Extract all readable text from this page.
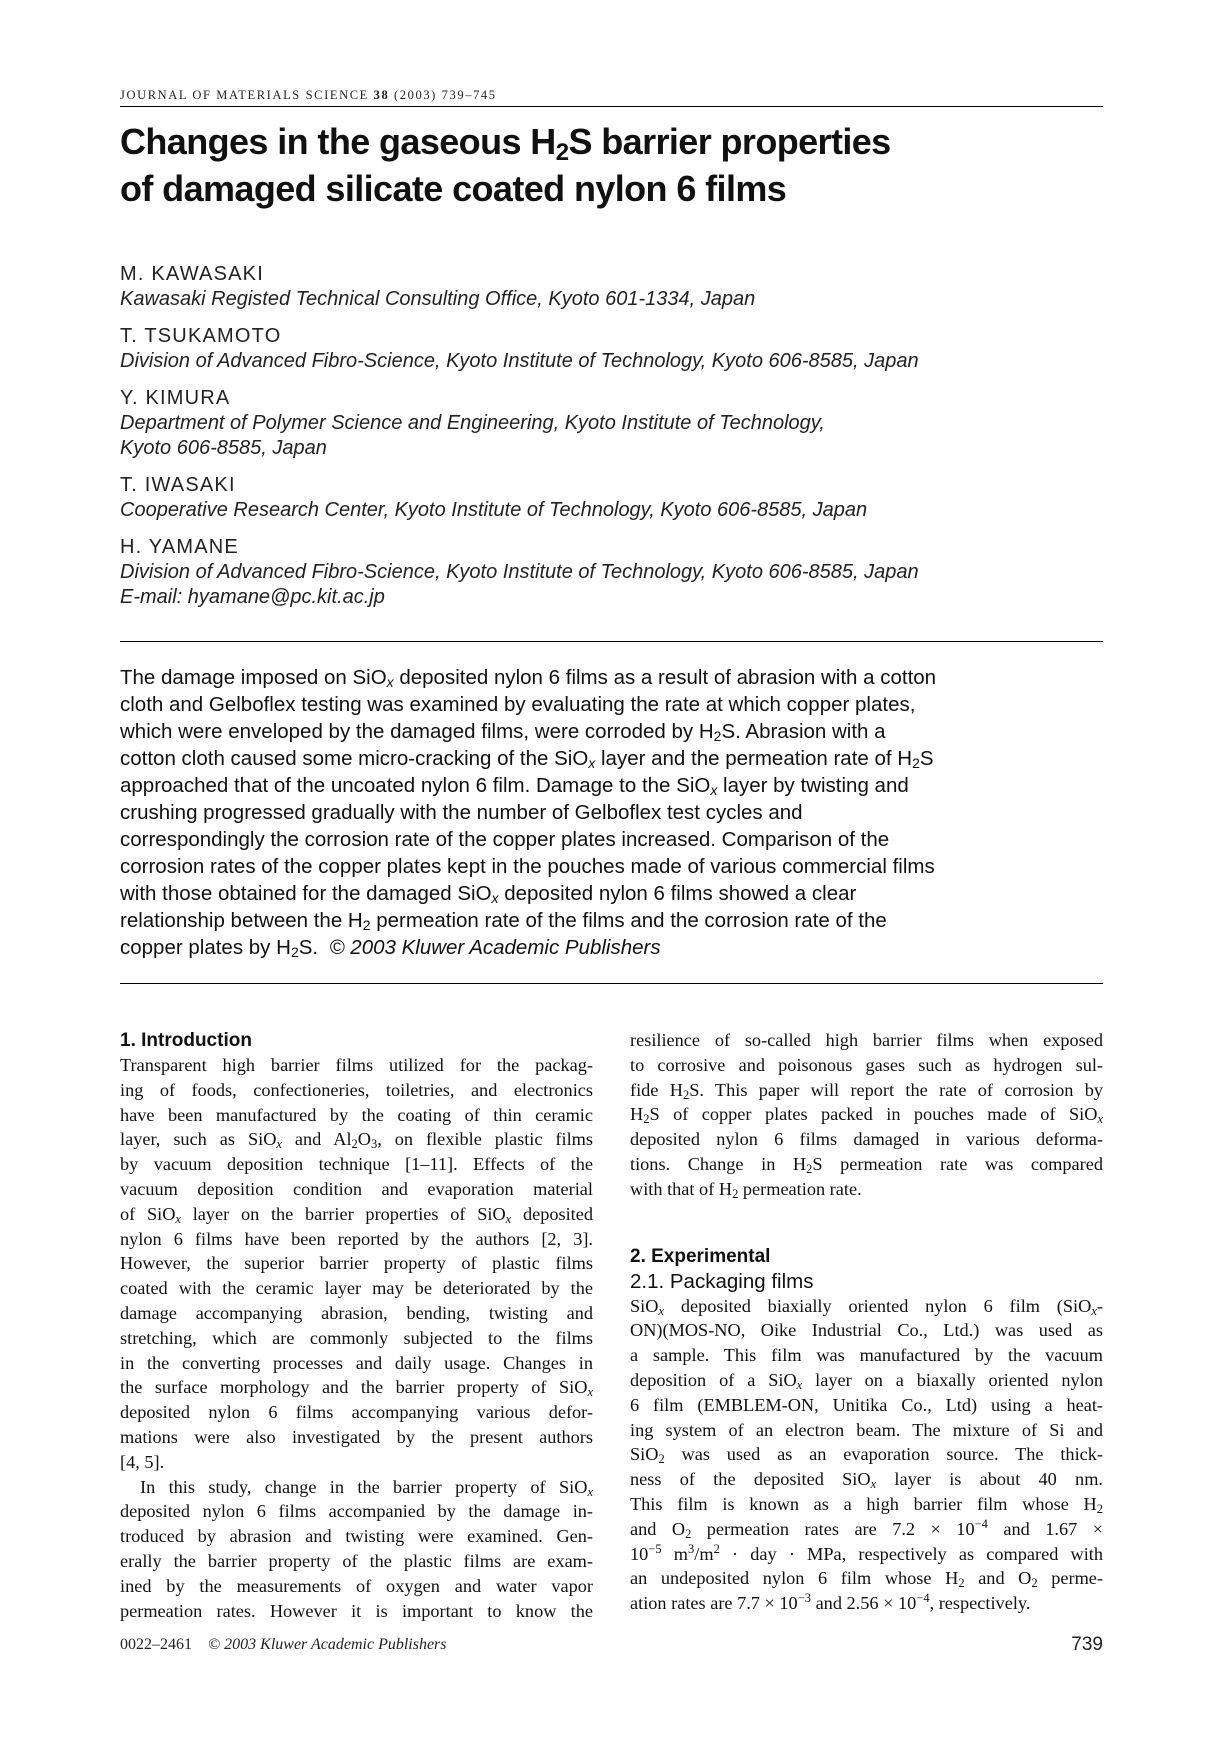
JOURNAL OF MATERIALS SCIENCE 38 (2003) 739–745
Changes in the gaseous $H_2S$ barrier properties
of damaged silicate coated nylon 6 films
M. KAWASAKI
Kawasaki Registed Technical Consulting Office, Kyoto 601-1334, Japan
T. TSUKAMOTO
Division of Advanced Fibro-Science, Kyoto Institute of Technology, Kyoto 606-8585, Japan
Y. KIMURA
Department of Polymer Science and Engineering, Kyoto Institute of Technology,
Kyoto 606-8585, Japan
T. IWASAKI
Cooperative Research Center, Kyoto Institute of Technology, Kyoto 606-8585, Japan
H. YAMANE
Division of Advanced Fibro-Science, Kyoto Institute of Technology, Kyoto 606-8585, Japan
E-mail: hyamane@pc.kit.ac.jp
The damage imposed on SiO$_x$ deposited nylon 6 films as a result of abrasion with a cotton
cloth and Gelboflex testing was examined by evaluating the rate at which copper plates,
which were enveloped by the damaged films, were corroded by $H_2S$. Abrasion with a
cotton cloth caused some micro-cracking of the SiO$_x$ layer and the permeation rate of $H_2S$
approached that of the uncoated nylon 6 film. Damage to the SiO$_x$ layer by twisting and
crushing progressed gradually with the number of Gelboflex test cycles and
correspondingly the corrosion rate of the copper plates increased. Comparison of the
corrosion rates of the copper plates kept in the pouches made of various commercial films
with those obtained for the damaged SiO$_x$ deposited nylon 6 films showed a clear
relationship between the $H_2$ permeation rate of the films and the corrosion rate of the
copper plates by $H_2S$.  © 2003 Kluwer Academic Publishers
1. Introduction
Transparent high barrier films utilized for the packag-
ing of foods, confectioneries, toiletries, and electronics
have been manufactured by the coating of thin ceramic
layer, such as SiO$_x$ and $Al_2O_3$, on flexible plastic films
by vacuum deposition technique [1–11]. Effects of the
vacuum deposition condition and evaporation material
of SiO$_x$ layer on the barrier properties of SiO$_x$ deposited
nylon 6 films have been reported by the authors [2, 3].
However, the superior barrier property of plastic films
coated with the ceramic layer may be deteriorated by the
damage accompanying abrasion, bending, twisting and
stretching, which are commonly subjected to the films
in the converting processes and daily usage. Changes in
the surface morphology and the barrier property of SiO$_x$
deposited nylon 6 films accompanying various defor-
mations were also investigated by the present authors
[4, 5].
In this study, change in the barrier property of SiO$_x$
deposited nylon 6 films accompanied by the damage in-
troduced by abrasion and twisting were examined. Gen-
erally the barrier property of the plastic films are exam-
ined by the measurements of oxygen and water vapor
permeation rates. However it is important to know the
resilience of so-called high barrier films when exposed
to corrosive and poisonous gases such as hydrogen sul-
fide $H_2S$. This paper will report the rate of corrosion by
$H_2S$ of copper plates packed in pouches made of SiO$_x$
deposited nylon 6 films damaged in various deforma-
tions. Change in $H_2S$ permeation rate was compared
with that of $H_2$ permeation rate.
2. Experimental
2.1. Packaging films
SiO$_x$ deposited biaxially oriented nylon 6 film (SiO$_x$-
ON)(MOS-NO, Oike Industrial Co., Ltd.) was used as
a sample. This film was manufactured by the vacuum
deposition of a SiO$_x$ layer on a biaxally oriented nylon
6 film (EMBLEM-ON, Unitika Co., Ltd) using a heat-
ing system of an electron beam. The mixture of Si and
SiO$_2$ was used as an evaporation source. The thick-
ness of the deposited SiO$_x$ layer is about 40 nm.
This film is known as a high barrier film whose $H_2$
and $O_2$ permeation rates are $7.2 \times 10^{-4}$ and 1.67 ×
$10^{-5}$ $m^3/m^2$ · day · MPa, respectively as compared with
an undeposited nylon 6 film whose $H_2$ and $O_2$ perme-
ation rates are $7.7 \times 10^{-3}$ and $2.56 \times 10^{-4}$, respectively.
0022–2461 © 2003 Kluwer Academic Publishers	739
